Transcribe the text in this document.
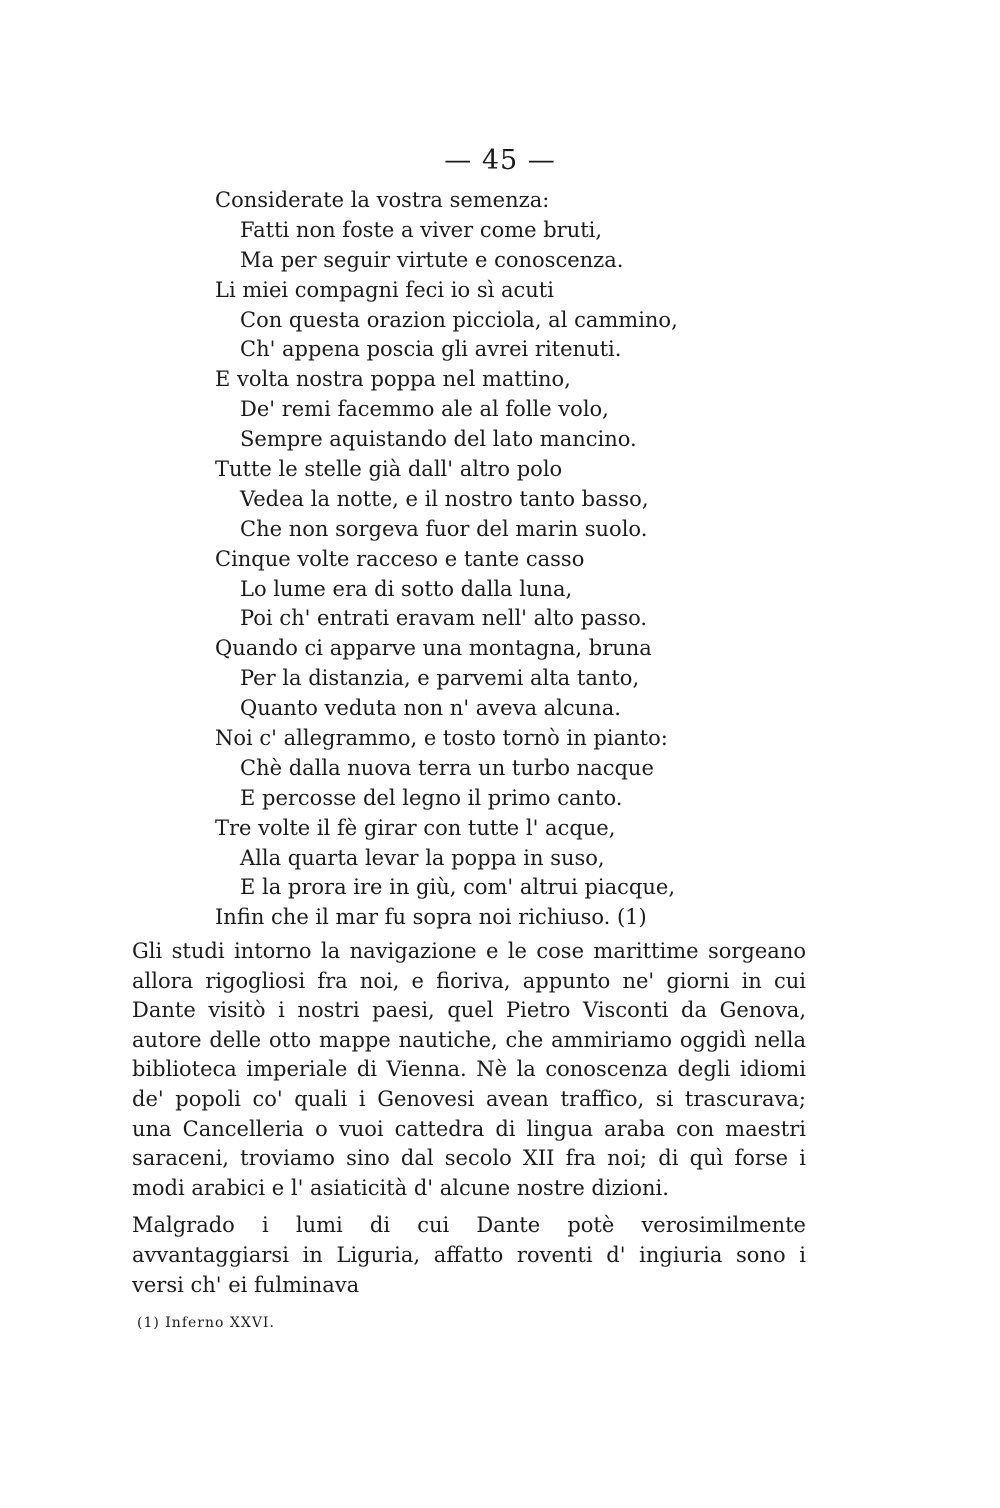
— 45 —
Considerate la vostra semenza:
Fatti non foste a viver come bruti,
Ma per seguir virtute e conoscenza.
Li miei compagni feci io sì acuti
Con questa orazion picciola, al cammino,
Ch' appena poscia gli avrei ritenuti.
E volta nostra poppa nel mattino,
De' remi facemmo ale al folle volo,
Sempre aquistando del lato mancino.
Tutte le stelle già dall' altro polo
Vedea la notte, e il nostro tanto basso,
Che non sorgeva fuor del marin suolo.
Cinque volte racceso e tante casso
Lo lume era di sotto dalla luna,
Poi ch' entrati eravam nell' alto passo.
Quando ci apparve una montagna, bruna
Per la distanzia, e parvemi alta tanto,
Quanto veduta non n' aveva alcuna.
Noi c' allegrammo, e tosto tornò in pianto:
Chè dalla nuova terra un turbo nacque
E percosse del legno il primo canto.
Tre volte il fè girar con tutte l' acque,
Alla quarta levar la poppa in suso,
E la prora ire in giù, com' altrui piacque,
Infin che il mar fu sopra noi richiuso. (1)

Gli studi intorno la navigazione e le cose marittime sorgeano allora rigogliosi fra noi, e fioriva, appunto ne' giorni in cui Dante visitò i nostri paesi, quel Pietro Visconti da Genova, autore delle otto mappe nautiche, che ammiriamo oggidì nella biblioteca imperiale di Vienna. Nè la conoscenza degli idiomi de' popoli co' quali i Genovesi avean traffico, si trascurava; una Cancelleria o vuoi cattedra di lingua araba con maestri saraceni, troviamo sino dal secolo XII fra noi; di quì forse i modi arabici e l' asiaticità d' alcune nostre dizioni.

Malgrado i lumi di cui Dante potè verosimilmente avvantaggiarsi in Liguria, affatto roventi d' ingiuria sono i versi ch' ei fulminava

(1) Inferno XXVI.
